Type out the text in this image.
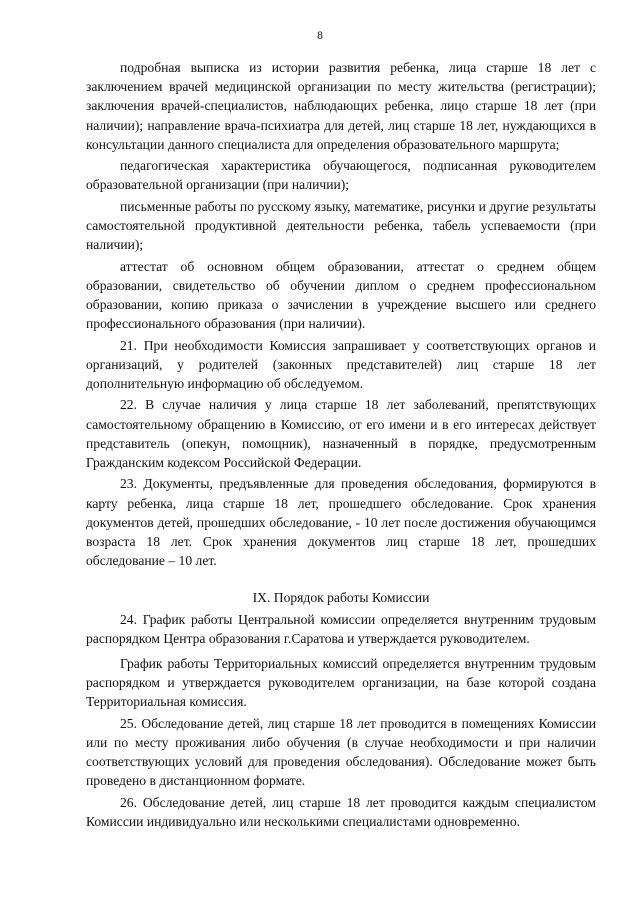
8

подробная выписка из истории развития ребенка, лица старше 18 лет с заключением врачей медицинской организации по месту жительства (регистрации); заключения врачей-специалистов, наблюдающих ребенка, лицо старше 18 лет (при наличии); направление врача-психиатра для детей, лиц старше 18 лет, нуждающихся в консультации данного специалиста для определения образовательного маршрута;

педагогическая характеристика обучающегося, подписанная руководителем образовательной организации (при наличии);

письменные работы по русскому языку, математике, рисунки и другие результаты самостоятельной продуктивной деятельности ребенка, табель успеваемости (при наличии);

аттестат об основном общем образовании, аттестат о среднем общем образовании, свидетельство об обучении диплом о среднем профессиональном образовании, копию приказа о зачислении в учреждение высшего или среднего профессионального образования (при наличии).

21. При необходимости Комиссия запрашивает у соответствующих органов и организаций, у родителей (законных представителей) лиц старше 18 лет дополнительную информацию об обследуемом.

22. В случае наличия у лица старше 18 лет заболеваний, препятствующих самостоятельному обращению в Комиссию, от его имени и в его интересах действует представитель (опекун, помощник), назначенный в порядке, предусмотренным Гражданским кодексом Российской Федерации.

23. Документы, предъявленные для проведения обследования, формируются в карту ребенка, лица старше 18 лет, прошедшего обследование. Срок хранения документов детей, прошедших обследование, - 10 лет после достижения обучающимся возраста 18 лет. Срок хранения документов лиц старше 18 лет, прошедших обследование – 10 лет.

IX. Порядок работы Комиссии

24. График работы Центральной комиссии определяется внутренним трудовым распорядком Центра образования г.Саратова и утверждается руководителем.

График работы Территориальных комиссий определяется внутренним трудовым распорядком и утверждается руководителем организации, на базе которой создана Территориальная комиссия.

25. Обследование детей, лиц старше 18 лет проводится в помещениях Комиссии или по месту проживания либо обучения (в случае необходимости и при наличии соответствующих условий для проведения обследования). Обследование может быть проведено в дистанционном формате.

26. Обследование детей, лиц старше 18 лет проводится каждым специалистом Комиссии индивидуально или несколькими специалистами одновременно.
